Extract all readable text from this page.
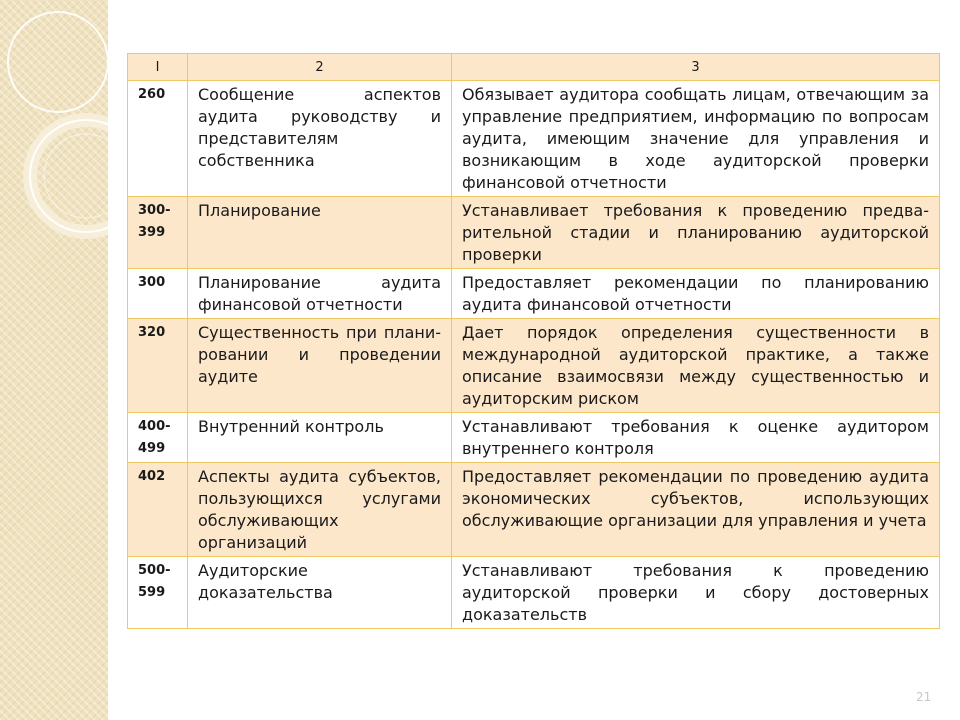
I	2	3
260	Сообщение аспектов аудита руководству и представителям собственника	Обязывает аудитора сообщать лицам, отвечающим за управление предприятием, информацию по вопросам аудита, имеющим значение для управления и возникающим в ходе аудиторской проверки финансовой отчетности
300-399	Планирование	Устанавливает требования к проведению предва-рительной стадии и планированию аудиторской проверки
300	Планирование аудита финансовой отчетности	Предоставляет рекомендации по планированию аудита финансовой отчетности
320	Существенность при плани-ровании и проведении аудите	Дает порядок определения существенности в международной аудиторской практике, а также описание взаимосвязи между существенностью и аудиторским риском
400-499	Внутренний контроль	Устанавливают требования к оценке аудитором внутреннего контроля
402	Аспекты аудита субъектов, пользующихся услугами обслуживающих организаций	Предоставляет рекомендации по проведению аудита экономических субъектов, использующих обслуживающие организации для управления и учета
500-599	Аудиторские доказательства	Устанавливают требования к проведению аудиторской проверки и сбору достоверных доказательств
21
